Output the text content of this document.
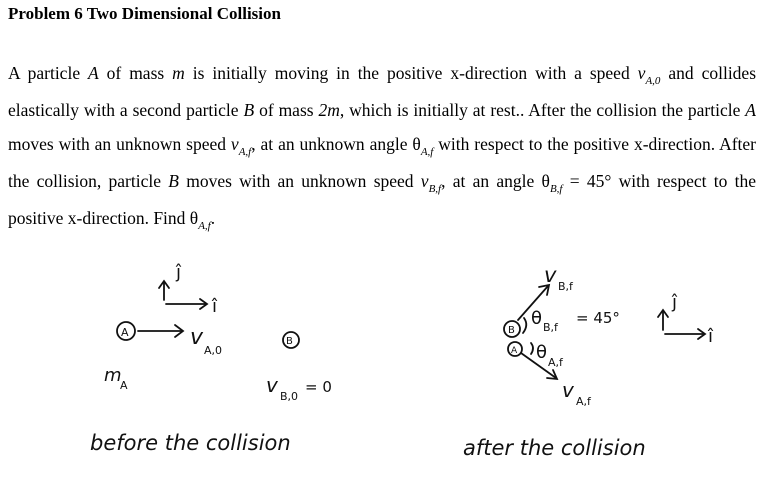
Problem 6 Two Dimensional Collision

A particle A of mass m is initially moving in the positive x-direction with a speed $v_{A,0}$ and collides elastically with a second particle B of mass 2m, which is initially at rest.. After the collision the particle A moves with an unknown speed $v_{A,f}$, at an unknown angle $\theta_{A,f}$ with respect to the positive x-direction. After the collision, particle B moves with an unknown speed $v_{B,f}$, at an angle $\theta_{B,f} = 45^\circ$ with respect to the positive x-direction. Find $\theta_{A,f}$.

ĵ
î
A	v
A,0
B
m
A	v B,0
= 0
before the collision
v B,f
θ B,f
= 45°
B
A θ A,f
v A,f
ĵ
î
after the collision
